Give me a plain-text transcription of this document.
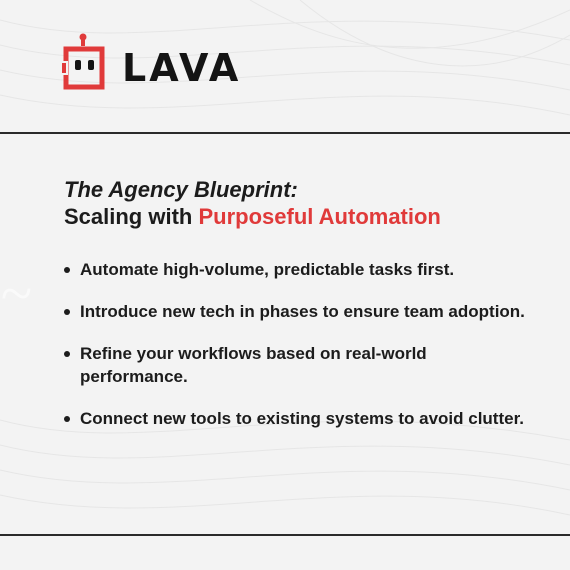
~
LAVA
The Agency Blueprint:
Scaling with Purposeful Automation
Automate high-volume, predictable tasks first.
Introduce new tech in phases to ensure team adoption.
Refine your workflows based on real-world performance.
Connect new tools to existing systems to avoid clutter.
